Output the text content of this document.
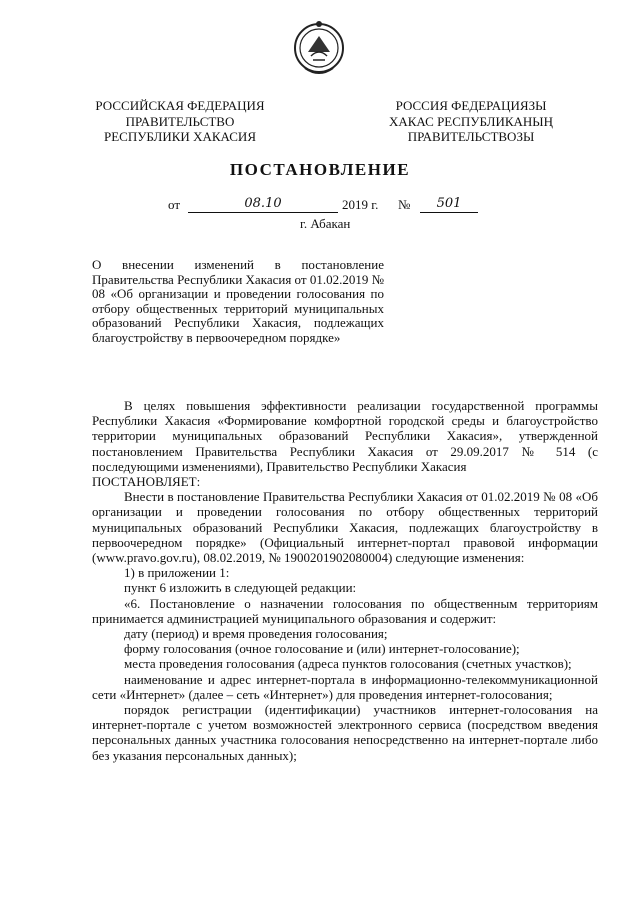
РОССИЙСКАЯ ФЕДЕРАЦИЯ
ПРАВИТЕЛЬСТВО
РЕСПУБЛИКИ ХАКАСИЯ
РОССИЯ ФЕДЕРАЦИЯЗЫ
ХАКАС РЕСПУБЛИКАНЫҢ
ПРАВИТЕЛЬСТВОЗЫ
ПОСТАНОВЛЕНИЕ
от	08.10	2019 г. №	501
г. Абакан
О внесении изменений в постановление Правительства Республики Хакасия от 01.02.2019 № 08 «Об организации и проведении голосования по отбору общественных территорий муниципальных образований Республики Хакасия, подлежащих благоустройству в первоочередном порядке»

В целях повышения эффективности реализации государственной программы Республики Хакасия «Формирование комфортной городской среды и благоустройство территории муниципальных образований Республики Хакасия», утвержденной постановлением Правительства Республики Хакасия от 29.09.2017 № 514 (с последующими изменениями), Правительство Республики Хакасия

ПОСТАНОВЛЯЕТ:

Внести в постановление Правительства Республики Хакасия от 01.02.2019 № 08 «Об организации и проведении голосования по отбору общественных территорий муниципальных образований Республики Хакасия, подлежащих благоустройству в первоочередном порядке» (Официальный интернет-портал правовой информации (www.pravo.gov.ru), 08.02.2019, № 1900201902080004) следующие изменения:

1) в приложении 1:

пункт 6 изложить в следующей редакции:

«6. Постановление о назначении голосования по общественным территориям принимается администрацией муниципального образования и содержит:

дату (период) и время проведения голосования;

форму голосования (очное голосование и (или) интернет-голосование);

места проведения голосования (адреса пунктов голосования (счетных участков);

наименование и адрес интернет-портала в информационно-телекоммуникационной сети «Интернет» (далее – сеть «Интернет») для проведения интернет-голосования;

порядок регистрации (идентификации) участников интернет-голосования на интернет-портале с учетом возможностей электронного сервиса (посредством введения персональных данных участника голосования непосредственно на интернет-портале либо без указания персональных данных);
